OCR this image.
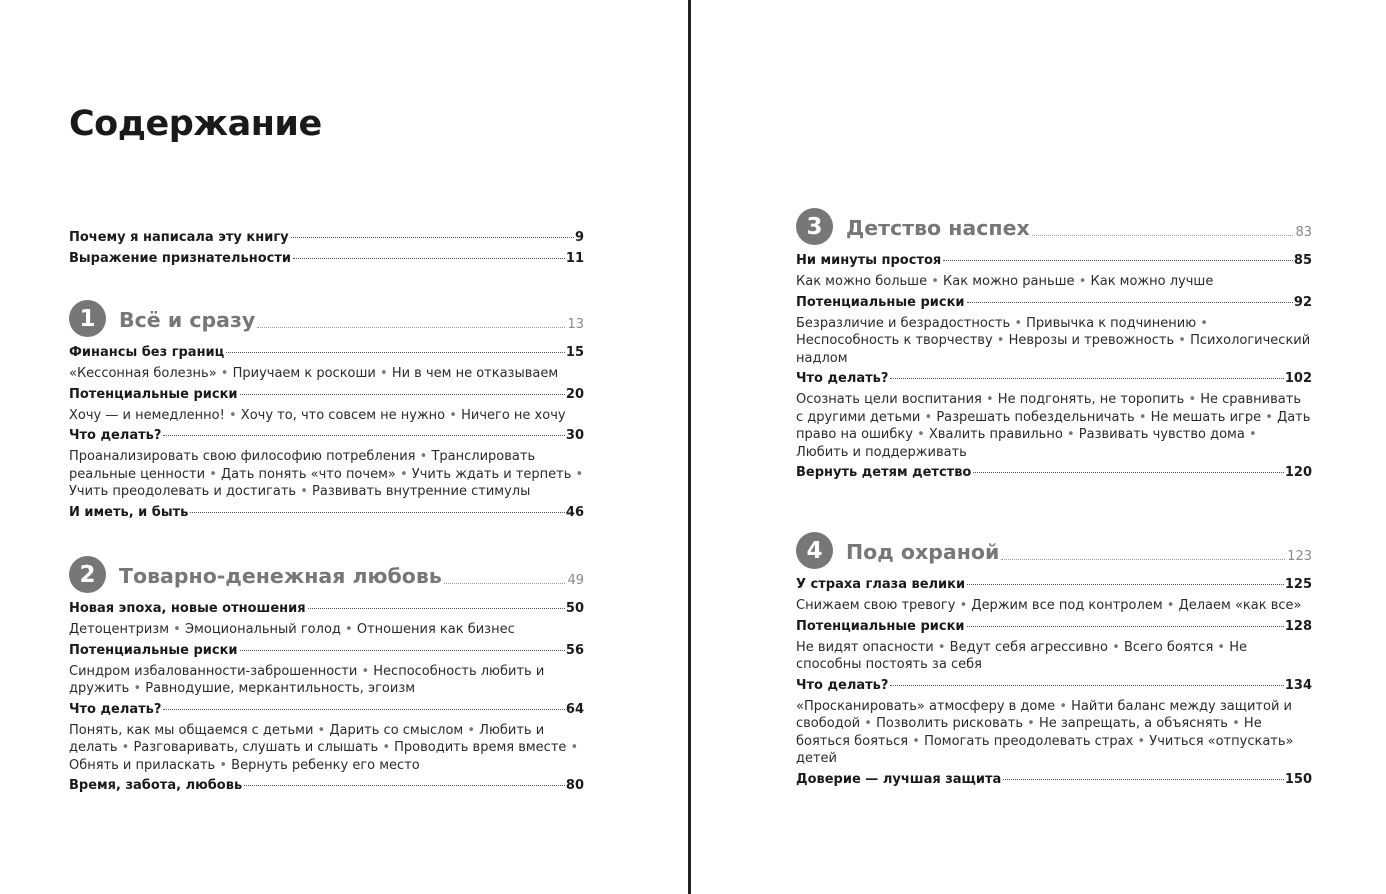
Содержание
Почему я написала эту книгу	9
Выражение признательности	11
1	Всё и сразу	13
Финансы без границ	15
«Кессонная болезнь» • Приучаем к роскоши • Ни в чем не отказываем
Потенциальные риски	20
Хочу — и немедленно! • Хочу то, что совсем не нужно • Ничего не хочу
Что делать?	30
Проанализировать свою философию потребления • Транслировать реальные ценности • Дать понять «что почем» • Учить ждать и терпеть • Учить преодолевать и достигать • Развивать внутренние стимулы
И иметь, и быть	46
2	Товарно-денежная любовь	49
Новая эпоха, новые отношения	50
Детоцентризм • Эмоциональный голод • Отношения как бизнес
Потенциальные риски	56
Синдром избалованности-заброшенности • Неспособность любить и дружить • Равнодушие, меркантильность, эгоизм
Что делать?	64
Понять, как мы общаемся с детьми • Дарить со смыслом • Любить и делать • Разговаривать, слушать и слышать • Проводить время вместе • Обнять и приласкать • Вернуть ребенку его место
Время, забота, любовь	80
3	Детство наспех	83
Ни минуты простоя	85
Как можно больше • Как можно раньше • Как можно лучше
Потенциальные риски	92
Безразличие и безрадостность • Привычка к подчинению • Неспособность к творчеству • Неврозы и тревожность • Психологический надлом
Что делать?	102
Осознать цели воспитания • Не подгонять, не торопить • Не сравнивать с другими детьми • Разрешать побездельничать • Не мешать игре • Дать право на ошибку • Хвалить правильно • Развивать чувство дома • Любить и поддерживать
Вернуть детям детство	120
4	Под охраной	123
У страха глаза велики	125
Снижаем свою тревогу • Держим все под контролем • Делаем «как все»
Потенциальные риски	128
Не видят опасности • Ведут себя агрессивно • Всего боятся • Не способны постоять за себя
Что делать?	134
«Просканировать» атмосферу в доме • Найти баланс между защитой и свободой • Позволить рисковать • Не запрещать, а объяснять • Не бояться бояться • Помогать преодолевать страх • Учиться «отпускать» детей
Доверие — лучшая защита	150
